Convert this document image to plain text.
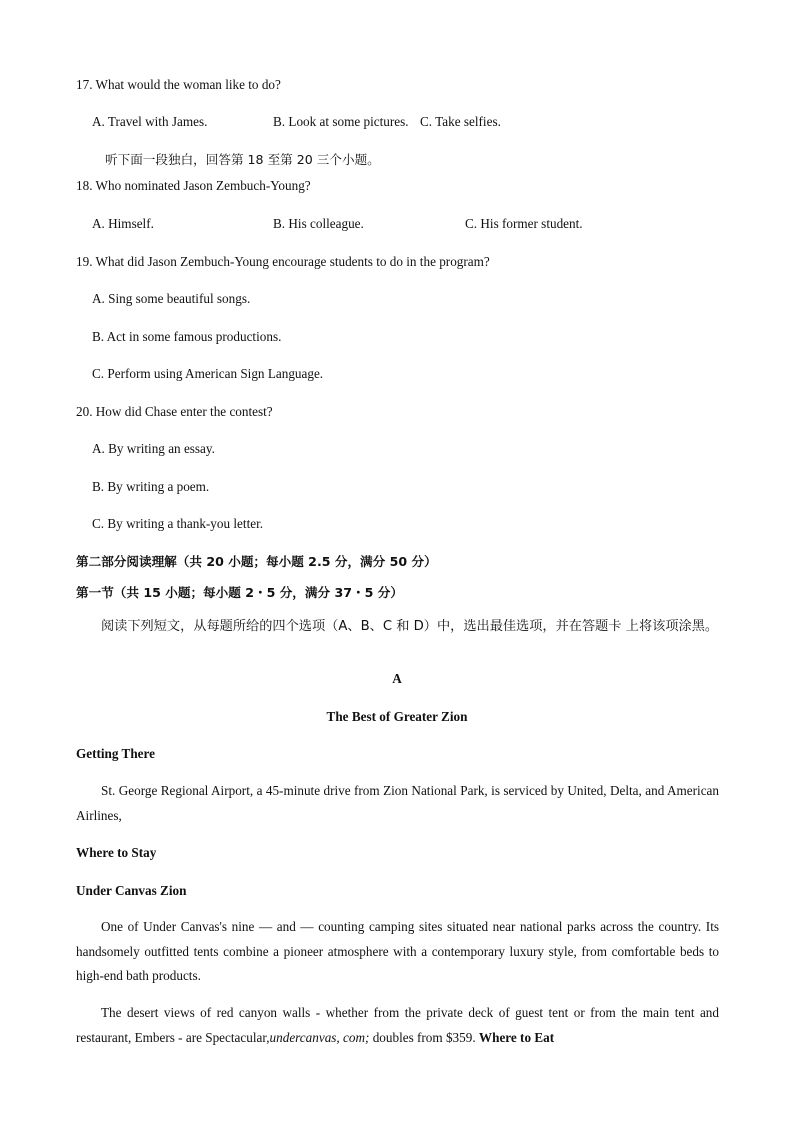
17. What would the woman like to do?
A. Travel with James.	B. Look at some pictures. C. Take selfies.
听下面一段独白，回答第 18 至第 20 三个小题。
18. Who nominated Jason Zembuch-Young?
A. Himself.	B. His colleague.	C. His former student.
19. What did Jason Zembuch-Young encourage students to do in the program?
A. Sing some beautiful songs.
B. Act in some famous productions.
C. Perform using American Sign Language.
20. How did Chase enter the contest?
A. By writing an essay.
B. By writing a poem.
C. By writing a thank-you letter.
第二部分阅读理解（共 20 小题；每小题 2.5 分，满分 50 分）
第一节（共 15 小题；每小题 2・5 分，满分 37・5 分）
阅读下列短文，从每题所给的四个选项（A、B、C 和 D）中，选出最佳选项，并在答题卡 上将该项涂黑。
A
The Best of Greater Zion
Getting There
St. George Regional Airport, a 45-minute drive from Zion National Park, is serviced by United, Delta, and American Airlines,
Where to Stay
Under Canvas Zion
One of Under Canvas's nine — and — counting camping sites situated near national parks across the country. Its handsomely outfitted tents combine a pioneer atmosphere with a contemporary luxury style, from comfortable beds to high-end bath products.
The desert views of red canyon walls - whether from the private deck of guest tent or from the main tent and restaurant, Embers - are Spectacular,undercanvas, com; doubles from $359. Where to Eat
